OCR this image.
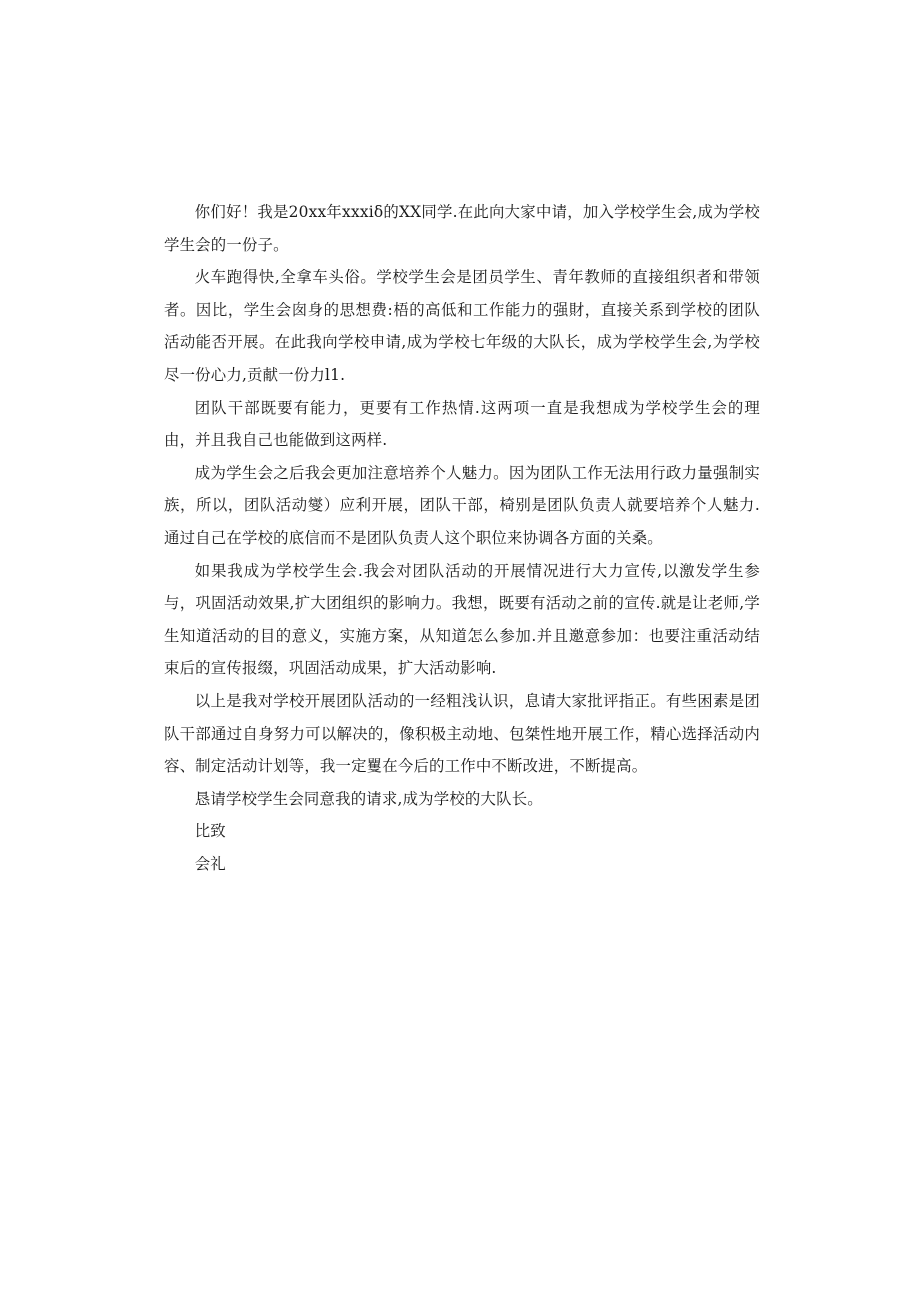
你们好！我是20xx年xxxiδ的XX同学.在此向大家中请，加入学校学生会,成为学校学生会的一份子。

火车跑得快,全拿车头俗。学校学生会是团员学生、青年教师的直接组织者和带领者。因比，学生会囱身的思想费:梧的高低和工作能力的强財，直接关系到学校的团队活动能否开展。在此我向学校申请,成为学校七年级的大队长，成为学校学生会,为学校尽一份心力,贡献一份力l1.

团队干部既要有能力，更要有工作热情.这两项一直是我想成为学校学生会的理由，并且我自己也能做到这两样.

成为学生会之后我会更加注意培养个人魅力。因为团队工作无法用行政力量强制实族，所以，团队活动燮）应利开展，团队干部，椅别是团队负责人就要培养个人魅力.通过自己在学校的底信而不是团队负责人这个职位来协调各方面的关桑。

如果我成为学校学生会.我会对团队活动的开展情况进行大力宣传,以激发学生参与，巩固活动效果,扩大团组织的影响力。我想，既要有活动之前的宣传.就是让老师,学生知道活动的目的意义，实施方案，从知道怎么参加.并且邀意参加：也要注重活动结束后的宣传报缀，巩固活动成果，扩大活动影响.

以上是我对学校开展团队活动的一经粗浅认识，息请大家批评指正。有些困素是团队干部通过自身努力可以解决的，像积极主动地、包桀性地开展工作，精心选择活动内容、制定活动计划等，我一定矍在今后的工作中不断改进，不断提高。

恳请学校学生会同意我的请求,成为学校的大队长。

比致

会礼
